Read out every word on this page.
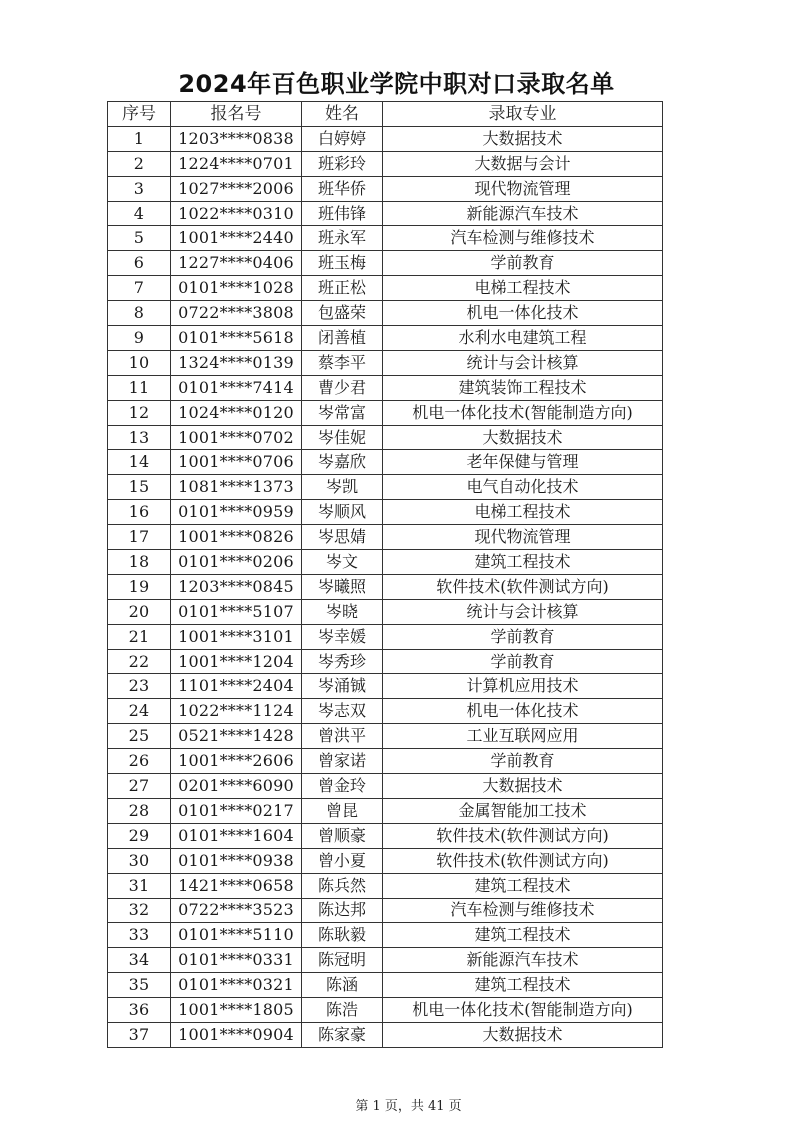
2024年百色职业学院中职对口录取名单
序号	报名号	姓名	录取专业
1	1203****0838	白婷婷	大数据技术
2	1224****0701	班彩玲	大数据与会计
3	1027****2006	班华侨	现代物流管理
4	1022****0310	班伟锋	新能源汽车技术
5	1001****2440	班永军	汽车检测与维修技术
6	1227****0406	班玉梅	学前教育
7	0101****1028	班正松	电梯工程技术
8	0722****3808	包盛荣	机电一体化技术
9	0101****5618	闭善植	水利水电建筑工程
10	1324****0139	蔡李平	统计与会计核算
11	0101****7414	曹少君	建筑装饰工程技术
12	1024****0120	岑常富	机电一体化技术(智能制造方向)
13	1001****0702	岑佳妮	大数据技术
14	1001****0706	岑嘉欣	老年保健与管理
15	1081****1373	岑凯	电气自动化技术
16	0101****0959	岑顺风	电梯工程技术
17	1001****0826	岑思婧	现代物流管理
18	0101****0206	岑文	建筑工程技术
19	1203****0845	岑曦照	软件技术(软件测试方向)
20	0101****5107	岑晓	统计与会计核算
21	1001****3101	岑幸媛	学前教育
22	1001****1204	岑秀珍	学前教育
23	1101****2404	岑涌铖	计算机应用技术
24	1022****1124	岑志双	机电一体化技术
25	0521****1428	曾洪平	工业互联网应用
26	1001****2606	曾家诺	学前教育
27	0201****6090	曾金玲	大数据技术
28	0101****0217	曾昆	金属智能加工技术
29	0101****1604	曾顺豪	软件技术(软件测试方向)
30	0101****0938	曾小夏	软件技术(软件测试方向)
31	1421****0658	陈兵然	建筑工程技术
32	0722****3523	陈达邦	汽车检测与维修技术
33	0101****5110	陈耿毅	建筑工程技术
34	0101****0331	陈冠明	新能源汽车技术
35	0101****0321	陈涵	建筑工程技术
36	1001****1805	陈浩	机电一体化技术(智能制造方向)
37	1001****0904	陈家豪	大数据技术
第 1 页，共 41 页
